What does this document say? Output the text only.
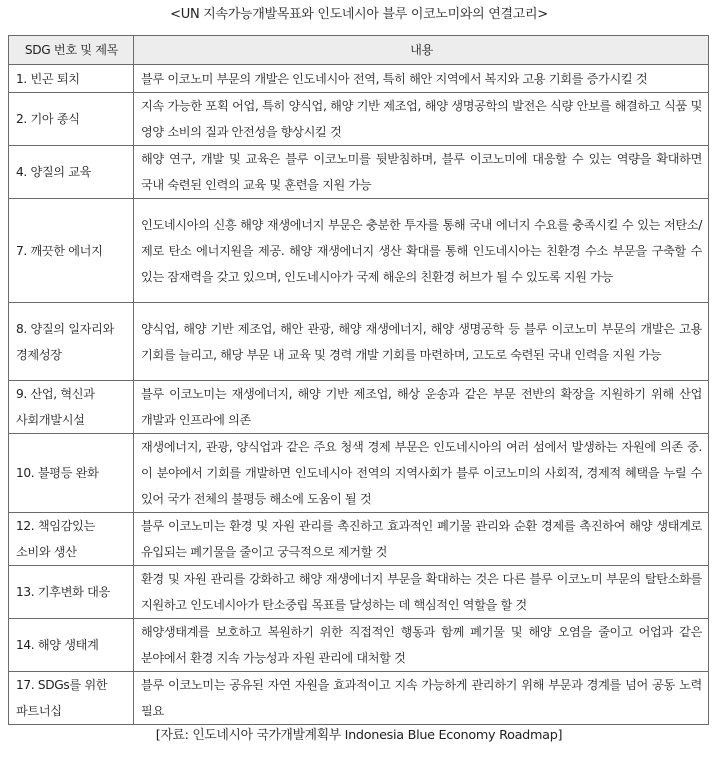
<UN 지속가능개발목표와 인도네시아 블루 이코노미와의 연결고리>
SDG 번호 및 제목	내용
1. 빈곤 퇴치	블루 이코노미 부문의 개발은 인도네시아 전역, 특히 해안 지역에서 복지와 고용 기회를 증가시킬 것
2. 기아 종식	지속 가능한 포획 어업, 특히 양식업, 해양 기반 제조업, 해양 생명공학의 발전은 식량 안보를 해결하고 식품 및 영양 소비의 질과 안전성을 향상시킬 것
4. 양질의 교육	해양 연구, 개발 및 교육은 블루 이코노미를 뒷받침하며, 블루 이코노미에 대응할 수 있는 역량을 확대하면 국내 숙련된 인력의 교육 및 훈련을 지원 가능
7. 깨끗한 에너지	인도네시아의 신흥 해양 재생에너지 부문은 충분한 투자를 통해 국내 에너지 수요를 충족시킬 수 있는 저탄소/제로 탄소 에너지원을 제공. 해양 재생에너지 생산 확대를 통해 인도네시아는 친환경 수소 부문을 구축할 수 있는 잠재력을 갖고 있으며, 인도네시아가 국제 해운의 친환경 허브가 될 수 있도록 지원 가능
8. 양질의 일자리와 경제성장	양식업, 해양 기반 제조업, 해안 관광, 해양 재생에너지, 해양 생명공학 등 블루 이코노미 부문의 개발은 고용 기회를 늘리고, 해당 부문 내 교육 및 경력 개발 기회를 마련하며, 고도로 숙련된 국내 인력을 지원 가능
9. 산업, 혁신과 사회개발시설	블루 이코노미는 재생에너지, 해양 기반 제조업, 해상 운송과 같은 부문 전반의 확장을 지원하기 위해 산업 개발과 인프라에 의존
10. 불평등 완화	재생에너지, 관광, 양식업과 같은 주요 청색 경제 부문은 인도네시아의 여러 섬에서 발생하는 자원에 의존 중. 이 분야에서 기회를 개발하면 인도네시아 전역의 지역사회가 블루 이코노미의 사회적, 경제적 혜택을 누릴 수 있어 국가 전체의 불평등 해소에 도움이 될 것
12. 책임감있는 소비와 생산	블루 이코노미는 환경 및 자원 관리를 촉진하고 효과적인 폐기물 관리와 순환 경제를 촉진하여 해양 생태계로 유입되는 폐기물을 줄이고 궁극적으로 제거할 것
13. 기후변화 대응	환경 및 자원 관리를 강화하고 해양 재생에너지 부문을 확대하는 것은 다른 블루 이코노미 부문의 탈탄소화를 지원하고 인도네시아가 탄소중립 목표를 달성하는 데 핵심적인 역할을 할 것
14. 해양 생태계	해양생태계를 보호하고 복원하기 위한 직접적인 행동과 함께 폐기물 및 해양 오염을 줄이고 어업과 같은 분야에서 환경 지속 가능성과 자원 관리에 대처할 것
17. SDGs를 위한 파트너십	블루 이코노미는 공유된 자연 자원을 효과적이고 지속 가능하게 관리하기 위해 부문과 경계를 넘어 공동 노력 필요
[자료: 인도네시아 국가개발계획부 Indonesia Blue Economy Roadmap]
